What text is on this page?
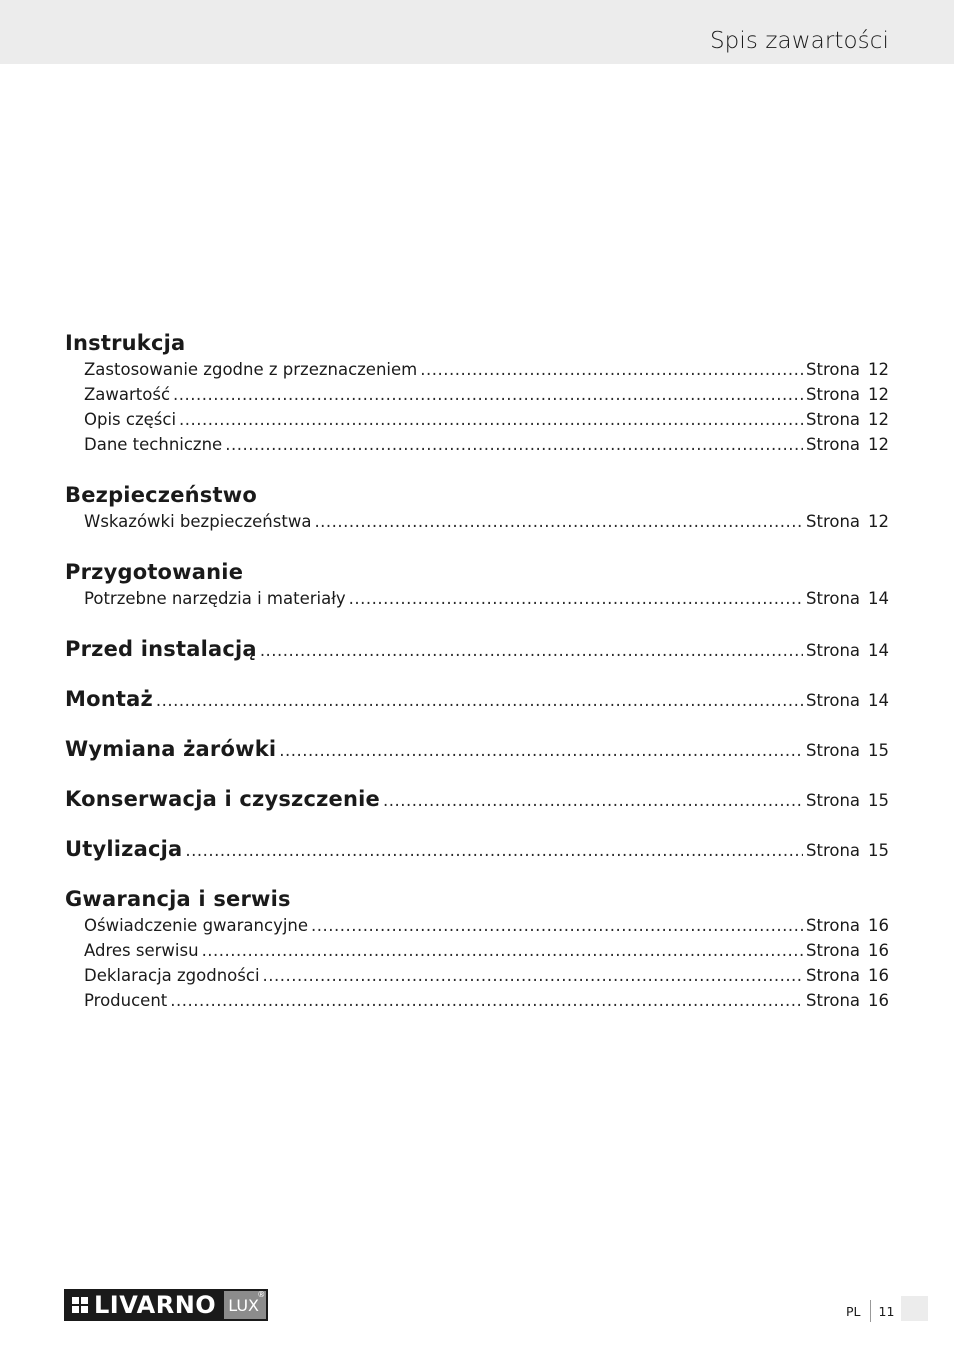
Spis zawartości
Instrukcja
Zastosowanie zgodne z przeznaczeniem .....	Strona 12
Zawartość .....	Strona 12
Opis części .....	Strona 12
Dane techniczne .....	Strona 12
Bezpieczeństwo
Wskazówki bezpieczeństwa .....	Strona 12
Przygotowanie
Potrzebne narzędzia i materiały .....	Strona 14
Przed instalacją .....	Strona 14
Montaż .....	Strona 14
Wymiana żarówki .....	Strona 15
Konserwacja i czyszczenie .....	Strona 15
Utylizacja .....	Strona 15
Gwarancja i serwis
Oświadczenie gwarancyjne .....	Strona 16
Adres serwisu .....	Strona 16
Deklaracja zgodności .....	Strona 16
Producent .....	Strona 16
LIVARNO LUX
®
PL 11
